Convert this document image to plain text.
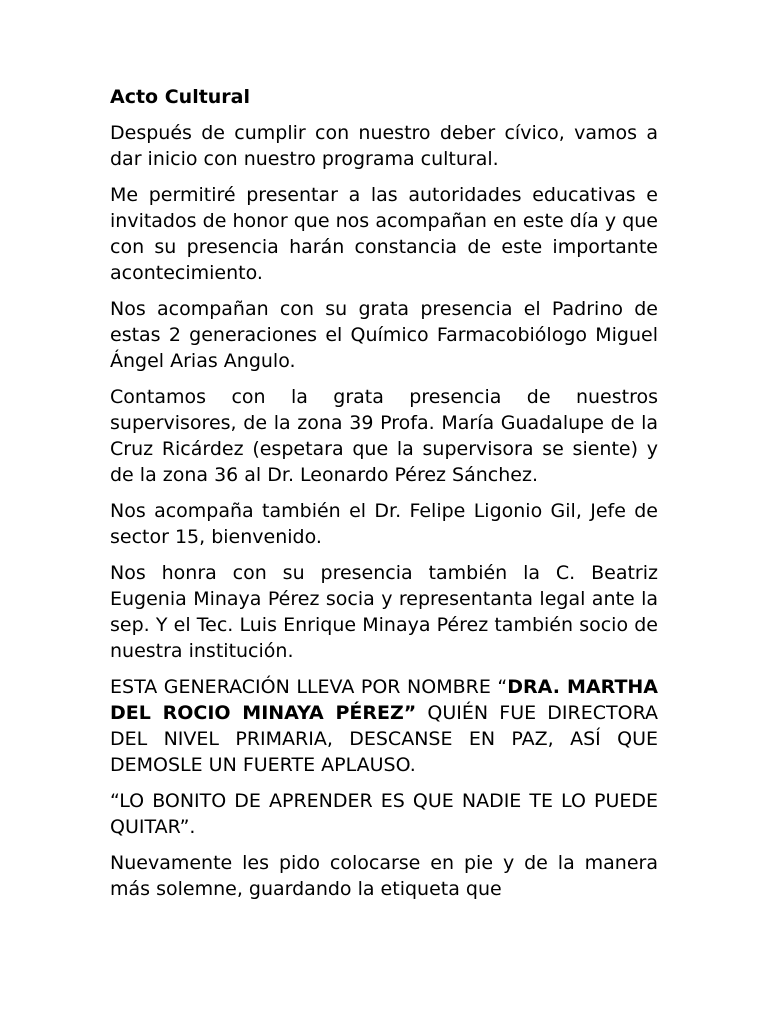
Acto Cultural

Después de cumplir con nuestro deber cívico, vamos a dar inicio con nuestro programa cultural.

Me permitiré presentar a las autoridades educativas e invitados de honor que nos acompañan en este día y que con su presencia harán constancia de este importante acontecimiento.

Nos acompañan con su grata presencia el Padrino de estas 2 generaciones el Químico Farmacobiólogo Miguel Ángel Arias Angulo.

Contamos con la grata presencia de nuestros supervisores, de la zona 39 Profa. María Guadalupe de la Cruz Ricárdez (espetara que la supervisora se siente) y de la zona 36 al Dr. Leonardo Pérez Sánchez.

Nos acompaña también el Dr. Felipe Ligonio Gil, Jefe de sector 15, bienvenido.

Nos honra con su presencia también la C. Beatriz Eugenia Minaya Pérez socia y representanta legal ante la sep. Y el Tec. Luis Enrique Minaya Pérez también socio de nuestra institución.

ESTA GENERACIÓN LLEVA POR NOMBRE “DRA. MARTHA DEL ROCIO MINAYA PÉREZ” QUIÉN FUE DIRECTORA DEL NIVEL PRIMARIA, DESCANSE EN PAZ, ASÍ QUE DEMOSLE UN FUERTE APLAUSO.

“LO BONITO DE APRENDER ES QUE NADIE TE LO PUEDE QUITAR”.

Nuevamente les pido colocarse en pie y de la manera más solemne, guardando la etiqueta que
